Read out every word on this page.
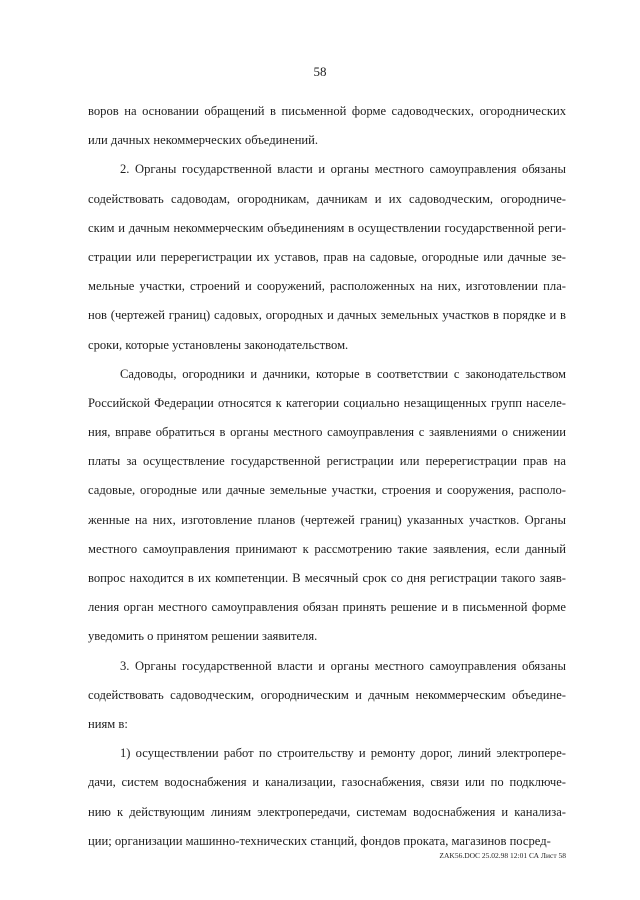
58
воров на основании обращений в письменной форме садоводческих, огороднических
или дачных некоммерческих объединений.
2. Органы государственной власти и органы местного самоуправления обязаны
содействовать садоводам, огородникам, дачникам и их садоводческим, огородниче-
ским и дачным некоммерческим объединениям в осуществлении государственной реги-
страции или перерегистрации их уставов, прав на садовые, огородные или дачные зе-
мельные участки, строений и сооружений, расположенных на них, изготовлении пла-
нов (чертежей границ) садовых, огородных и дачных земельных участков в порядке и в
сроки, которые установлены законодательством.
Садоводы, огородники и дачники, которые в соответствии с законодательством
Российской Федерации относятся к категории социально незащищенных групп населе-
ния, вправе обратиться в органы местного самоуправления с заявлениями о снижении
платы за осуществление государственной регистрации или перерегистрации прав на
садовые, огородные или дачные земельные участки, строения и сооружения, располо-
женные на них, изготовление планов (чертежей границ) указанных участков. Органы
местного самоуправления принимают к рассмотрению такие заявления, если данный
вопрос находится в их компетенции. В месячный срок со дня регистрации такого заяв-
ления орган местного самоуправления обязан принять решение и в письменной форме
уведомить о принятом решении заявителя.
3. Органы государственной власти и органы местного самоуправления обязаны
содействовать садоводческим, огородническим и дачным некоммерческим объедине-
ниям в:
1) осуществлении работ по строительству и ремонту дорог, линий электропере-
дачи, систем водоснабжения и канализации, газоснабжения, связи или по подключе-
нию к действующим линиям электропередачи, системам водоснабжения и канализа-
ции; организации машинно-технических станций, фондов проката, магазинов посред-
ZAK56.DOC 25.02.98 12:01 СА Лист 58
